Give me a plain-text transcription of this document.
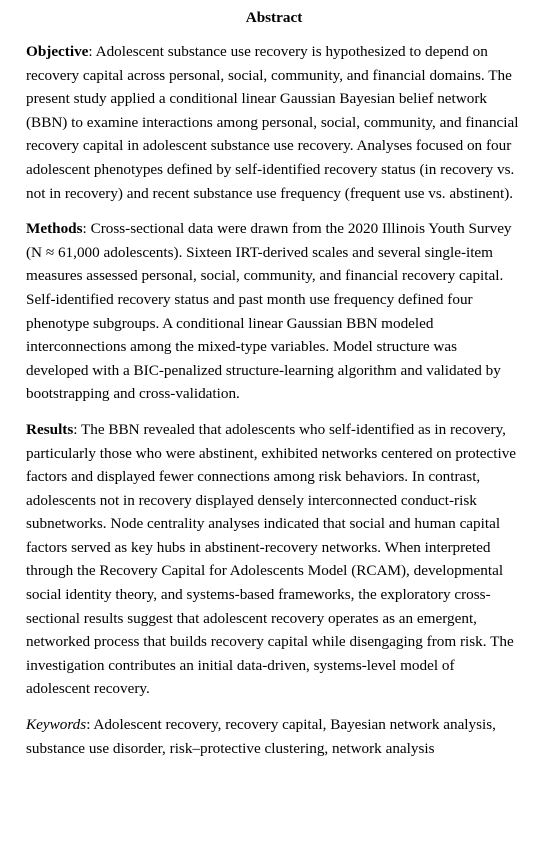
Abstract

Objective: Adolescent substance use recovery is hypothesized to depend on recovery capital across personal, social, community, and financial domains. The present study applied a conditional linear Gaussian Bayesian belief network (BBN) to examine interactions among personal, social, community, and financial recovery capital in adolescent substance use recovery. Analyses focused on four adolescent phenotypes defined by self-identified recovery status (in recovery vs. not in recovery) and recent substance use frequency (frequent use vs. abstinent).

Methods: Cross-sectional data were drawn from the 2020 Illinois Youth Survey (N ≈ 61,000 adolescents). Sixteen IRT-derived scales and several single-item measures assessed personal, social, community, and financial recovery capital. Self-identified recovery status and past month use frequency defined four phenotype subgroups. A conditional linear Gaussian BBN modeled interconnections among the mixed-type variables. Model structure was developed with a BIC-penalized structure-learning algorithm and validated by bootstrapping and cross-validation.

Results: The BBN revealed that adolescents who self-identified as in recovery, particularly those who were abstinent, exhibited networks centered on protective factors and displayed fewer connections among risk behaviors. In contrast, adolescents not in recovery displayed densely interconnected conduct-risk subnetworks. Node centrality analyses indicated that social and human capital factors served as key hubs in abstinent-recovery networks. When interpreted through the Recovery Capital for Adolescents Model (RCAM), developmental social identity theory, and systems-based frameworks, the exploratory cross-sectional results suggest that adolescent recovery operates as an emergent, networked process that builds recovery capital while disengaging from risk. The investigation contributes an initial data-driven, systems-level model of adolescent recovery.

Keywords: Adolescent recovery, recovery capital, Bayesian network analysis, substance use disorder, risk–protective clustering, network analysis
